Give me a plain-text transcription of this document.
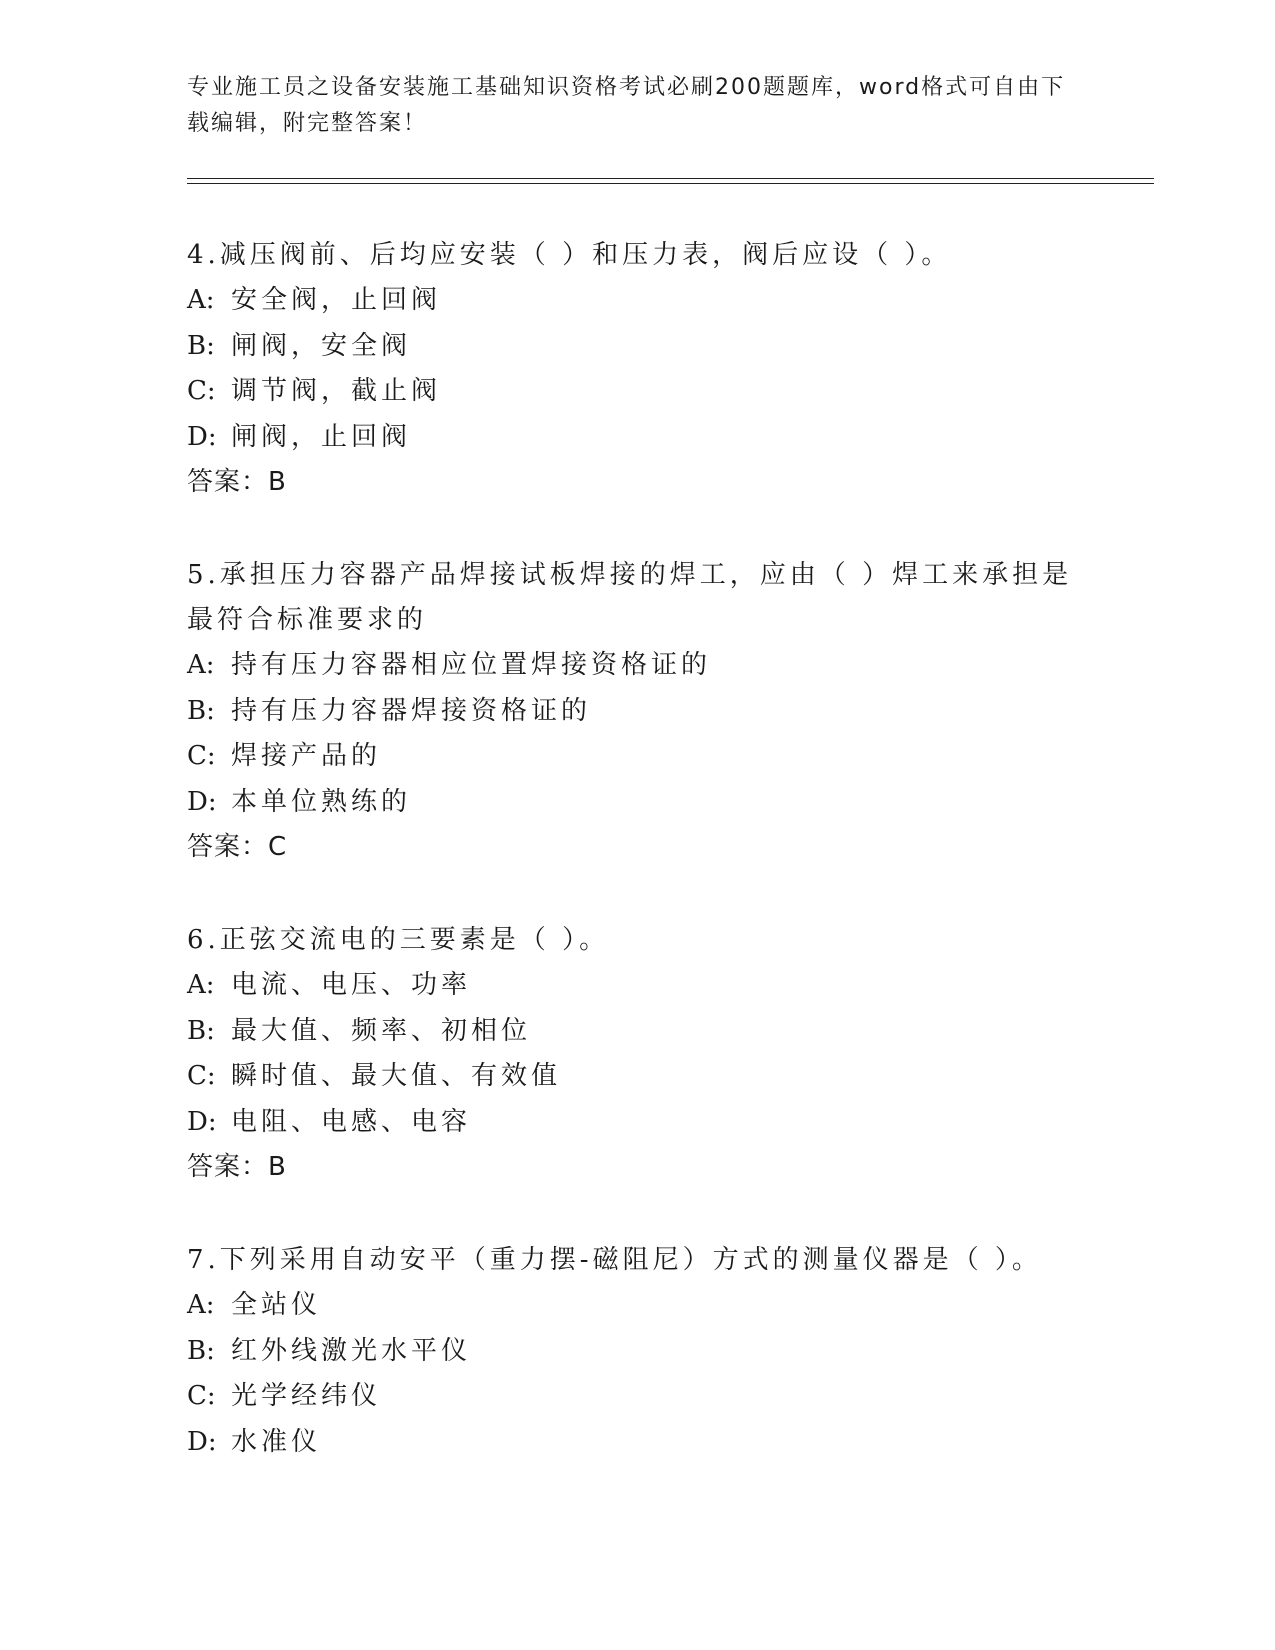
专业施工员之设备安装施工基础知识资格考试必刷200题题库，word格式可自由下载编辑，附完整答案！

4.减压阀前、后均应安装（ ）和压力表，阀后应设（ ）。

A: 安全阀，止回阀

B: 闸阀，安全阀

C: 调节阀，截止阀

D: 闸阀，止回阀

答案：B

5.承担压力容器产品焊接试板焊接的焊工，应由（ ）焊工来承担是最符合标准要求的

A: 持有压力容器相应位置焊接资格证的

B: 持有压力容器焊接资格证的

C: 焊接产品的

D: 本单位熟练的

答案：C

6.正弦交流电的三要素是（ ）。

A: 电流、电压、功率

B: 最大值、频率、初相位

C: 瞬时值、最大值、有效值

D: 电阻、电感、电容

答案：B

7.下列采用自动安平（重力摆-磁阻尼）方式的测量仪器是（ ）。

A: 全站仪

B: 红外线激光水平仪

C: 光学经纬仪

D: 水准仪
